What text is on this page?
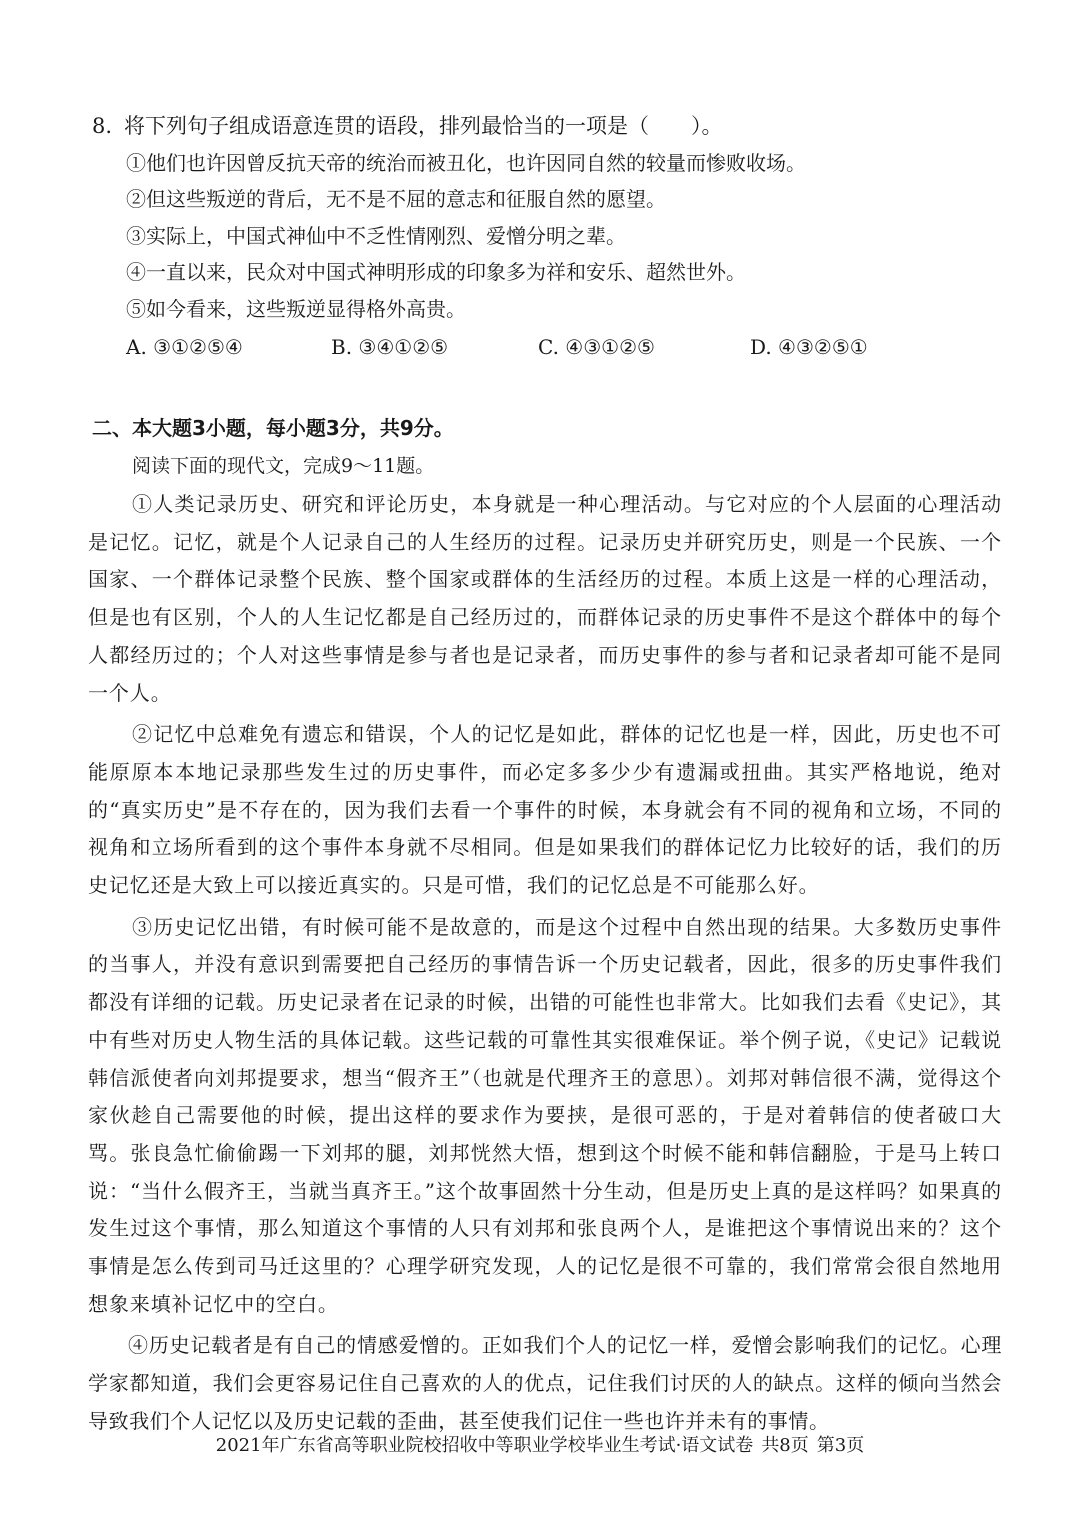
8. 将下列句子组成语意连贯的语段，排列最恰当的一项是（　　）。
①他们也许因曾反抗天帝的统治而被丑化，也许因同自然的较量而惨败收场。
②但这些叛逆的背后，无不是不屈的意志和征服自然的愿望。
③实际上，中国式神仙中不乏性情刚烈、爱憎分明之辈。
④一直以来，民众对中国式神明形成的印象多为祥和安乐、超然世外。
⑤如今看来，这些叛逆显得格外高贵。
A. ③①②⑤④	B. ③④①②⑤	C. ④③①②⑤	D. ④③②⑤①
二、本大题3小题，每小题3分，共9分。
阅读下面的现代文，完成9～11题。

①人类记录历史、研究和评论历史，本身就是一种心理活动。与它对应的个人层面的心理活动是记忆。记忆，就是个人记录自己的人生经历的过程。记录历史并研究历史，则是一个民族、一个国家、一个群体记录整个民族、整个国家或群体的生活经历的过程。本质上这是一样的心理活动，但是也有区别，个人的人生记忆都是自己经历过的，而群体记录的历史事件不是这个群体中的每个人都经历过的；个人对这些事情是参与者也是记录者，而历史事件的参与者和记录者却可能不是同一个人。

②记忆中总难免有遗忘和错误，个人的记忆是如此，群体的记忆也是一样，因此，历史也不可能原原本本地记录那些发生过的历史事件，而必定多多少少有遗漏或扭曲。其实严格地说，绝对的“真实历史”是不存在的，因为我们去看一个事件的时候，本身就会有不同的视角和立场，不同的视角和立场所看到的这个事件本身就不尽相同。但是如果我们的群体记忆力比较好的话，我们的历史记忆还是大致上可以接近真实的。只是可惜，我们的记忆总是不可能那么好。

③历史记忆出错，有时候可能不是故意的，而是这个过程中自然出现的结果。大多数历史事件的当事人，并没有意识到需要把自己经历的事情告诉一个历史记载者，因此，很多的历史事件我们都没有详细的记载。历史记录者在记录的时候，出错的可能性也非常大。比如我们去看《史记》，其中有些对历史人物生活的具体记载。这些记载的可靠性其实很难保证。举个例子说，《史记》记载说韩信派使者向刘邦提要求，想当“假齐王”（也就是代理齐王的意思）。刘邦对韩信很不满，觉得这个家伙趁自己需要他的时候，提出这样的要求作为要挟，是很可恶的，于是对着韩信的使者破口大骂。张良急忙偷偷踢一下刘邦的腿，刘邦恍然大悟，想到这个时候不能和韩信翻脸，于是马上转口说：“当什么假齐王，当就当真齐王。”这个故事固然十分生动，但是历史上真的是这样吗？如果真的发生过这个事情，那么知道这个事情的人只有刘邦和张良两个人，是谁把这个事情说出来的？这个事情是怎么传到司马迁这里的？心理学研究发现，人的记忆是很不可靠的，我们常常会很自然地用想象来填补记忆中的空白。

④历史记载者是有自己的情感爱憎的。正如我们个人的记忆一样，爱憎会影响我们的记忆。心理学家都知道，我们会更容易记住自己喜欢的人的优点，记住我们讨厌的人的缺点。这样的倾向当然会导致我们个人记忆以及历史记载的歪曲，甚至使我们记住一些也许并未有的事情。

2021年广东省高等职业院校招收中等职业学校毕业生考试·语文试卷 共8页 第3页
